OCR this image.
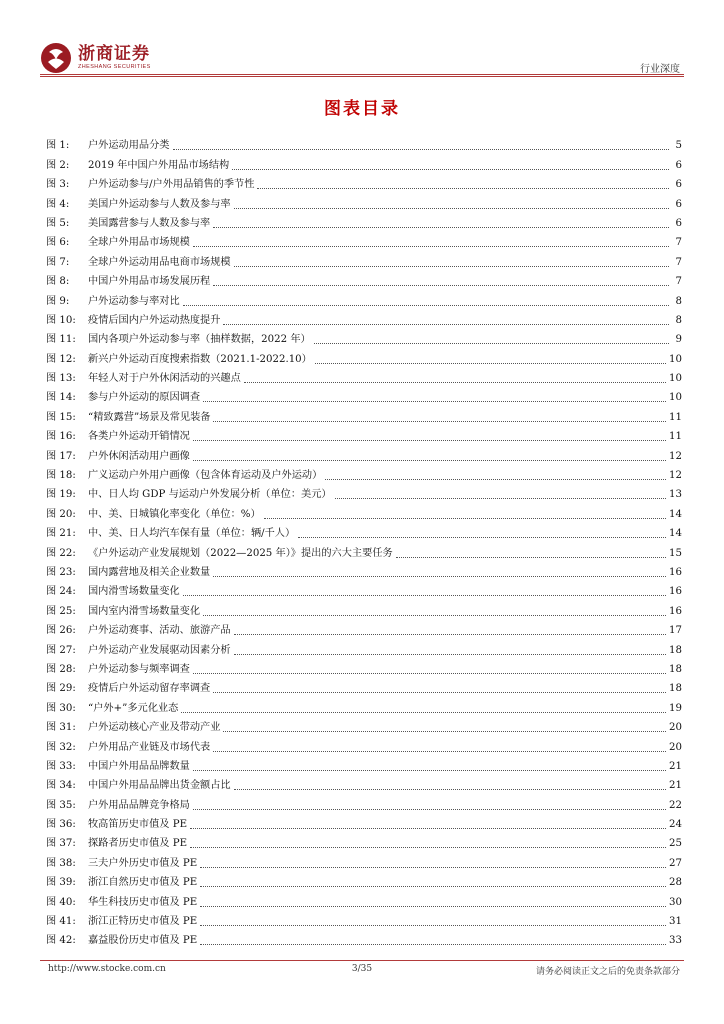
浙商证券
ZHESHANG SECURITIES	行业深度
图表目录
图 1:	户外运动用品分类	5
图 2:	2019 年中国户外用品市场结构	6
图 3:	户外运动参与/户外用品销售的季节性	6
图 4:	美国户外运动参与人数及参与率	6
图 5:	美国露营参与人数及参与率	6
图 6:	全球户外用品市场规模	7
图 7:	全球户外运动用品电商市场规模	7
图 8:	中国户外用品市场发展历程	7
图 9:	户外运动参与率对比	8
图 10:	疫情后国内户外运动热度提升	8
图 11:	国内各项户外运动参与率（抽样数据，2022 年）	9
图 12:	新兴户外运动百度搜索指数（2021.1-2022.10）	10
图 13:	年轻人对于户外休闲活动的兴趣点	10
图 14:	参与户外运动的原因调查	10
图 15:	“精致露营”场景及常见装备	11
图 16:	各类户外运动开销情况	11
图 17:	户外休闲活动用户画像	12
图 18:	广义运动户外用户画像（包含体育运动及户外运动）	12
图 19:	中、日人均 GDP 与运动户外发展分析（单位：美元）	13
图 20:	中、美、日城镇化率变化（单位：%）	14
图 21:	中、美、日人均汽车保有量（单位：辆/千人）	14
图 22:	《户外运动产业发展规划（2022—2025 年）》提出的六大主要任务	15
图 23:	国内露营地及相关企业数量	16
图 24:	国内滑雪场数量变化	16
图 25:	国内室内滑雪场数量变化	16
图 26:	户外运动赛事、活动、旅游产品	17
图 27:	户外运动产业发展驱动因素分析	18
图 28:	户外运动参与频率调查	18
图 29:	疫情后户外运动留存率调查	18
图 30:	“户外+”多元化业态	19
图 31:	户外运动核心产业及带动产业	20
图 32:	户外用品产业链及市场代表	20
图 33:	中国户外用品品牌数量	21
图 34:	中国户外用品品牌出货金额占比	21
图 35:	户外用品品牌竞争格局	22
图 36:	牧高笛历史市值及 PE	24
图 37:	探路者历史市值及 PE	25
图 38:	三夫户外历史市值及 PE	27
图 39:	浙江自然历史市值及 PE	28
图 40:	华生科技历史市值及 PE	30
图 41:	浙江正特历史市值及 PE	31
图 42:	嘉益股份历史市值及 PE	33
http://www.stocke.com.cn	3/35	请务必阅读正文之后的免责条款部分
